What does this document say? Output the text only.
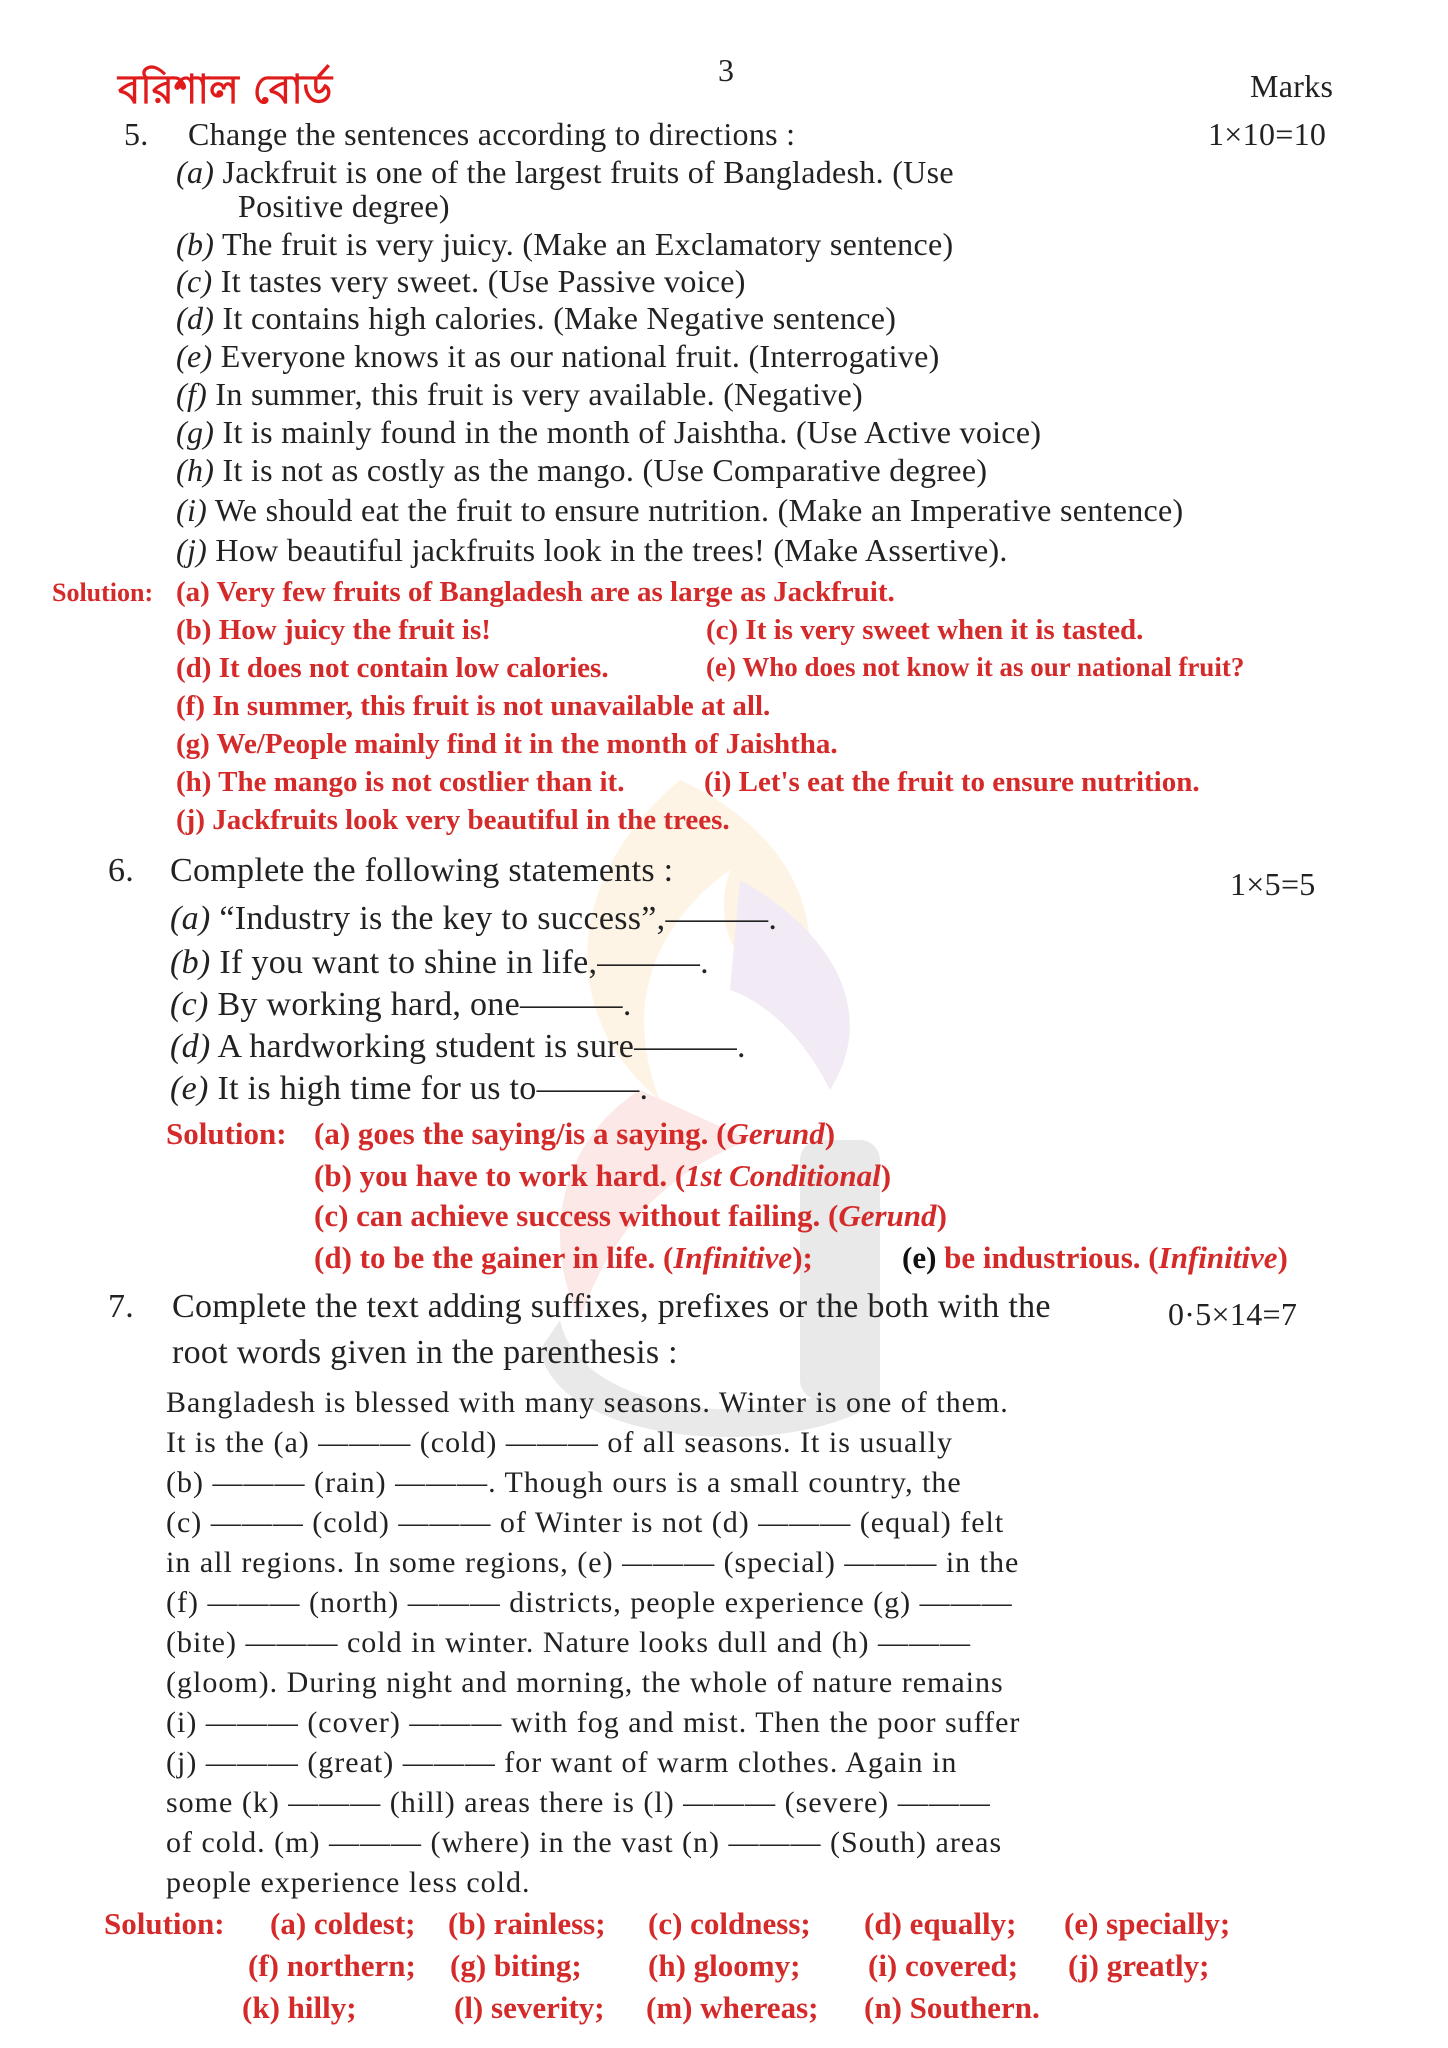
বরিশাল বোর্ড	3	Marks
5. Change the sentences according to directions :	1×10=10
(a) Jackfruit is one of the largest fruits of Bangladesh. (Use
Positive degree)
(b) The fruit is very juicy. (Make an Exclamatory sentence)
(c) It tastes very sweet. (Use Passive voice)
(d) It contains high calories. (Make Negative sentence)
(e) Everyone knows it as our national fruit. (Interrogative)
(f) In summer, this fruit is very available. (Negative)
(g) It is mainly found in the month of Jaishtha. (Use Active voice)
(h) It is not as costly as the mango. (Use Comparative degree)
(i) We should eat the fruit to ensure nutrition. (Make an Imperative sentence)
(j) How beautiful jackfruits look in the trees! (Make Assertive).
Solution: (a) Very few fruits of Bangladesh are as large as Jackfruit.
(b) How juicy the fruit is!	(c) It is very sweet when it is tasted.
(d) It does not contain low calories.	(e) Who does not know it as our national fruit?
(f) In summer, this fruit is not unavailable at all.
(g) We/People mainly find it in the month of Jaishtha.
(h) The mango is not costlier than it.	(i) Let's eat the fruit to ensure nutrition.
(j) Jackfruits look very beautiful in the trees.
6. Complete the following statements :	1×5=5
(a) “Industry is the key to success”,———.
(b) If you want to shine in life,———.
(c) By working hard, one———.
(d) A hardworking student is sure———.
(e) It is high time for us to———.
Solution: (a) goes the saying/is a saying. (Gerund)
(b) you have to work hard. (1st Conditional)
(c) can achieve success without failing. (Gerund)
(d) to be the gainer in life. (Infinitive);	(e) be industrious. (Infinitive)
7. Complete the text adding suffixes, prefixes or the both with the
root words given in the parenthesis :
0·5×14=7
Bangladesh is blessed with many seasons. Winter is one of them.
It is the (a) ——— (cold) ——— of all seasons. It is usually
(b) ——— (rain) ———. Though ours is a small country, the
(c) ——— (cold) ——— of Winter is not (d) ——— (equal) felt
in all regions. In some regions, (e) ——— (special) ——— in the
(f) ——— (north) ——— districts, people experience (g) ———
(bite) ——— cold in winter. Nature looks dull and (h) ———
(gloom). During night and morning, the whole of nature remains
(i) ——— (cover) ——— with fog and mist. Then the poor suffer
(j) ——— (great) ——— for want of warm clothes. Again in
some (k) ——— (hill) areas there is (l) ——— (severe) ———
of cold. (m) ——— (where) in the vast (n) ——— (South) areas
people experience less cold.
Solution: (a) coldest; (b) rainless; (c) coldness; (d) equally; (e) specially;
(f) northern; (g) biting; (h) gloomy; (i) covered; (j) greatly;
(k) hilly;	(l) severity; (m) whereas; (n) Southern.
